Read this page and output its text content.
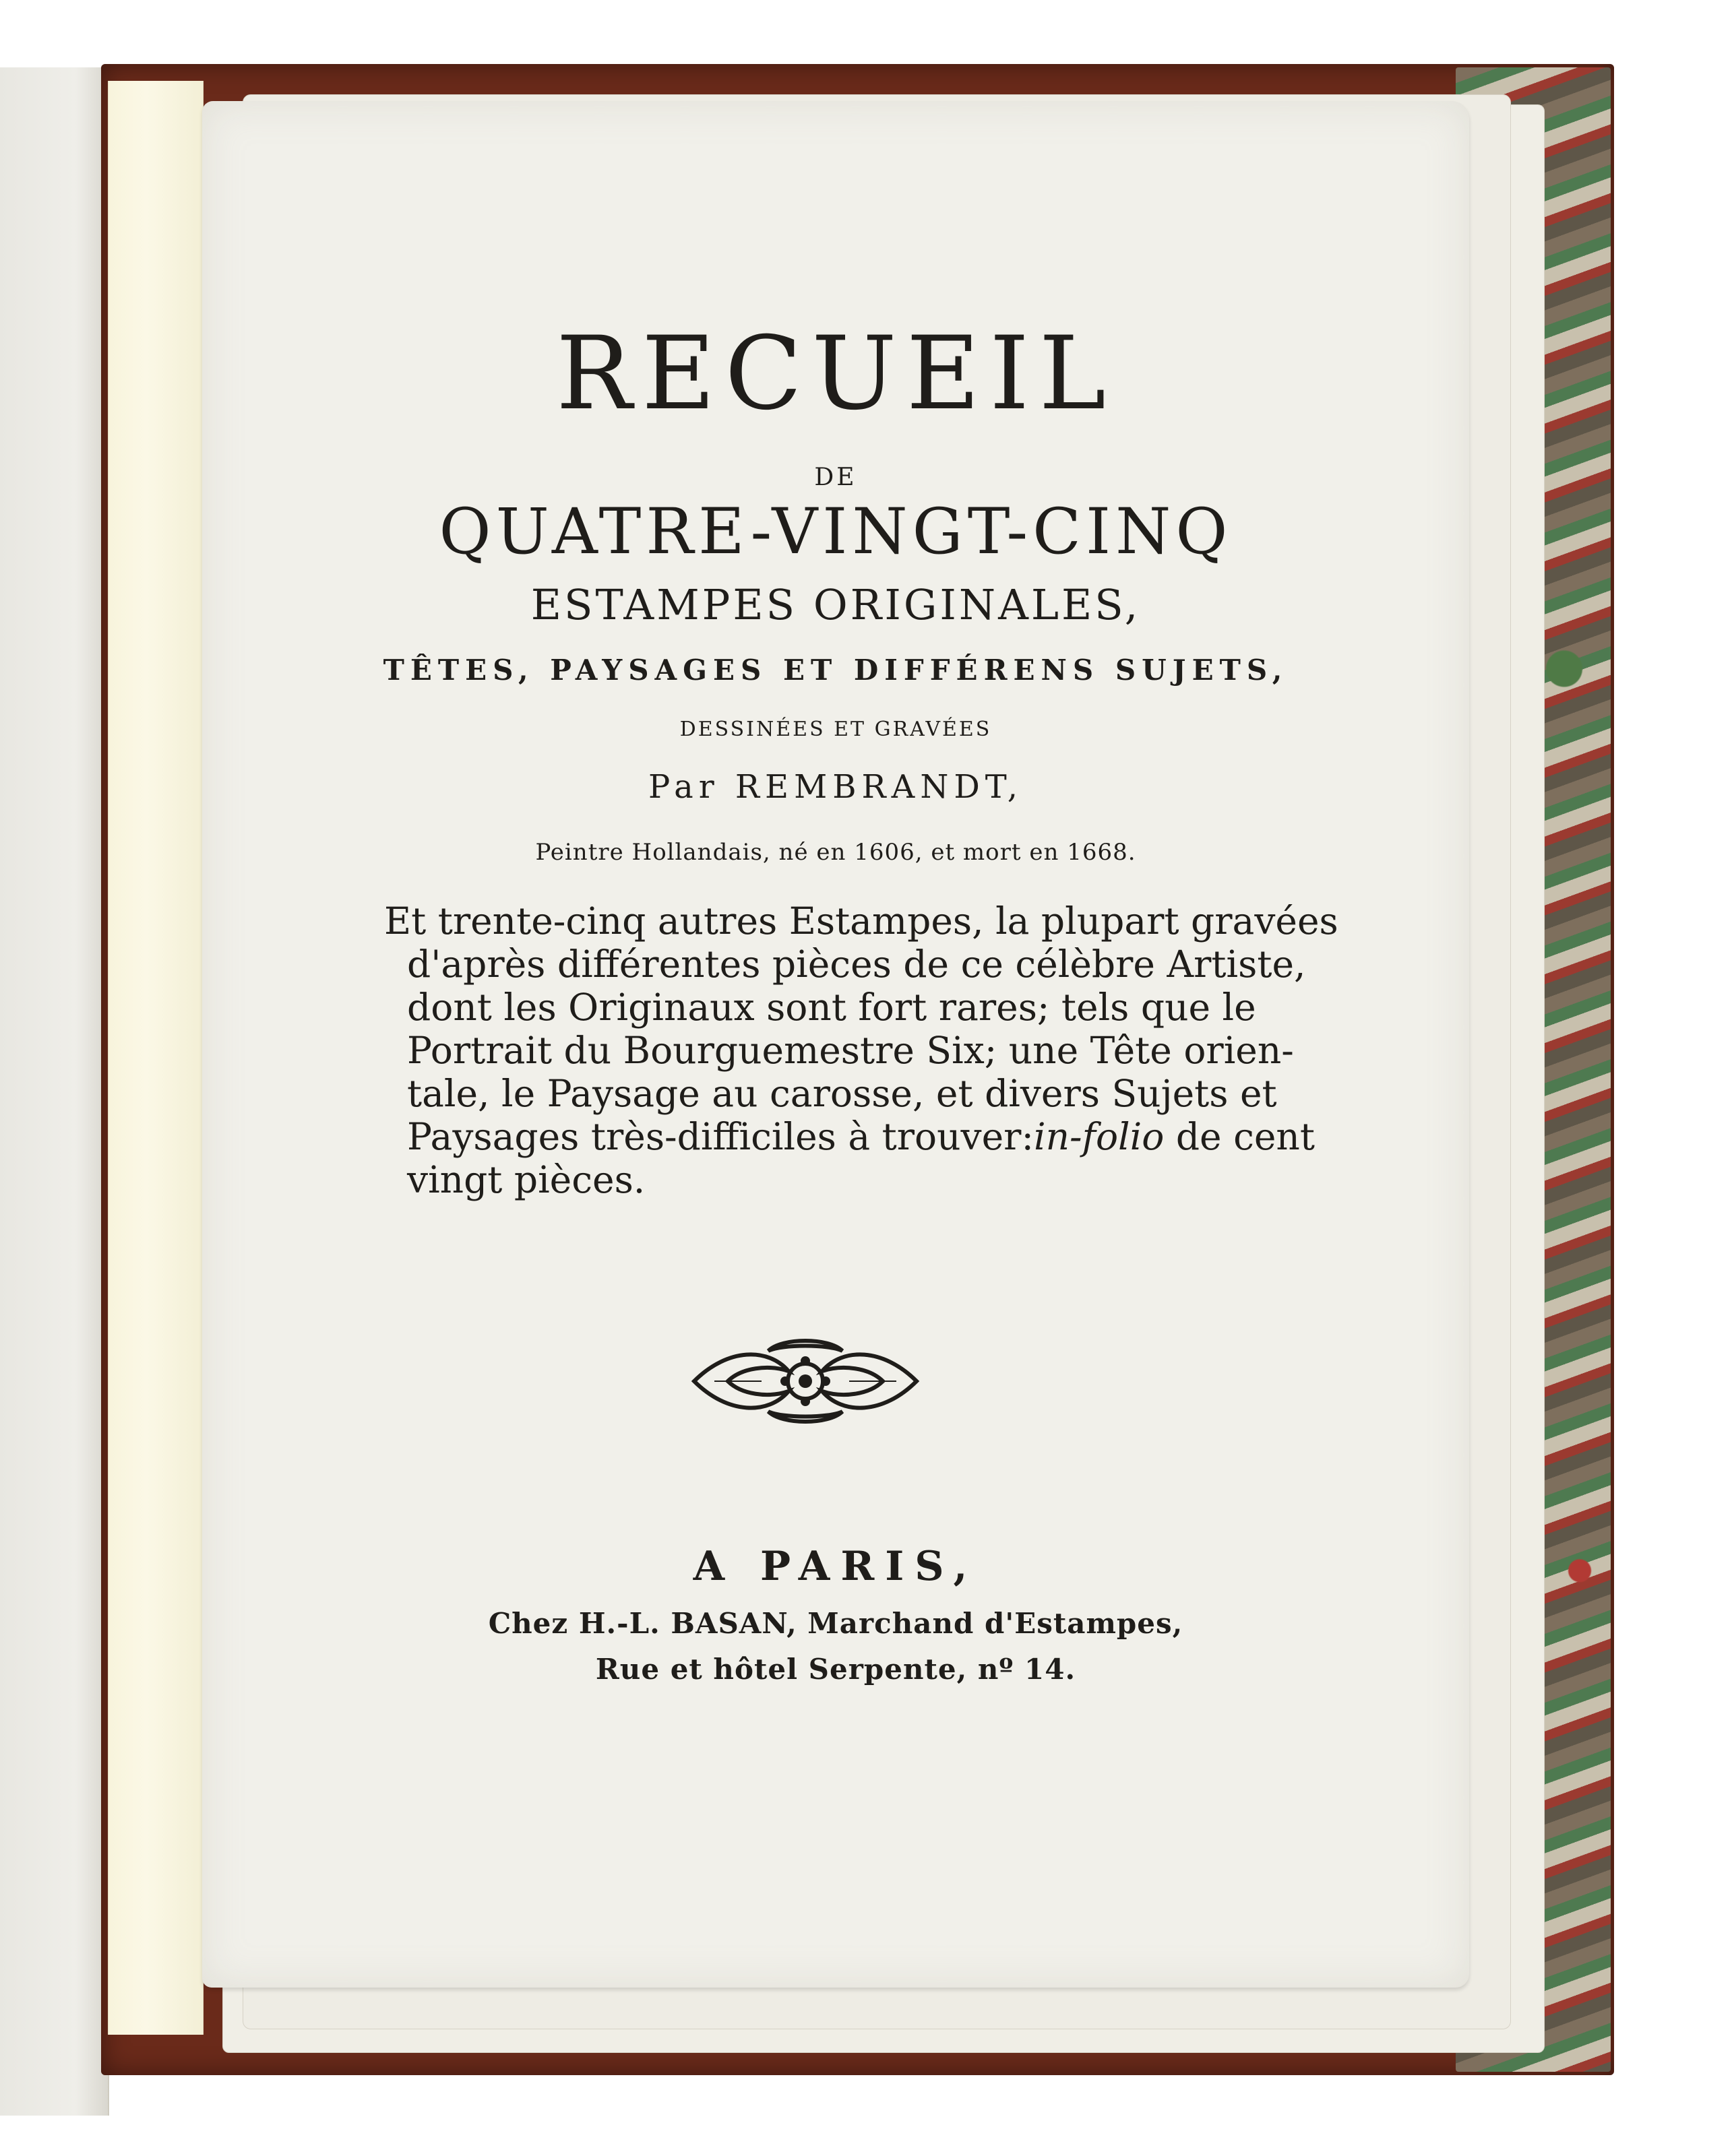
RECUEIL
DE
QUATRE-VINGT-CINQ
ESTAMPES ORIGINALES,
TÊTES, PAYSAGES ET DIFFÉRENS SUJETS,
DESSINÉES ET GRAVÉES
Par REMBRANDT,
Peintre Hollandais, né en 1606, et mort en 1668.
Et trente-cinq autres Estampes, la plupart gravées
d'après différentes pièces de ce célèbre Artiste,
dont les Originaux sont fort rares; tels que le
Portrait du Bourguemestre Six; une Tête orien-
tale, le Paysage au carosse, et divers Sujets et
Paysages très-difficiles à trouver:in-folio de cent
vingt pièces.
A PARIS,
Chez H.-L. BASAN, Marchand d'Estampes,
Rue et hôtel Serpente, nº 14.
